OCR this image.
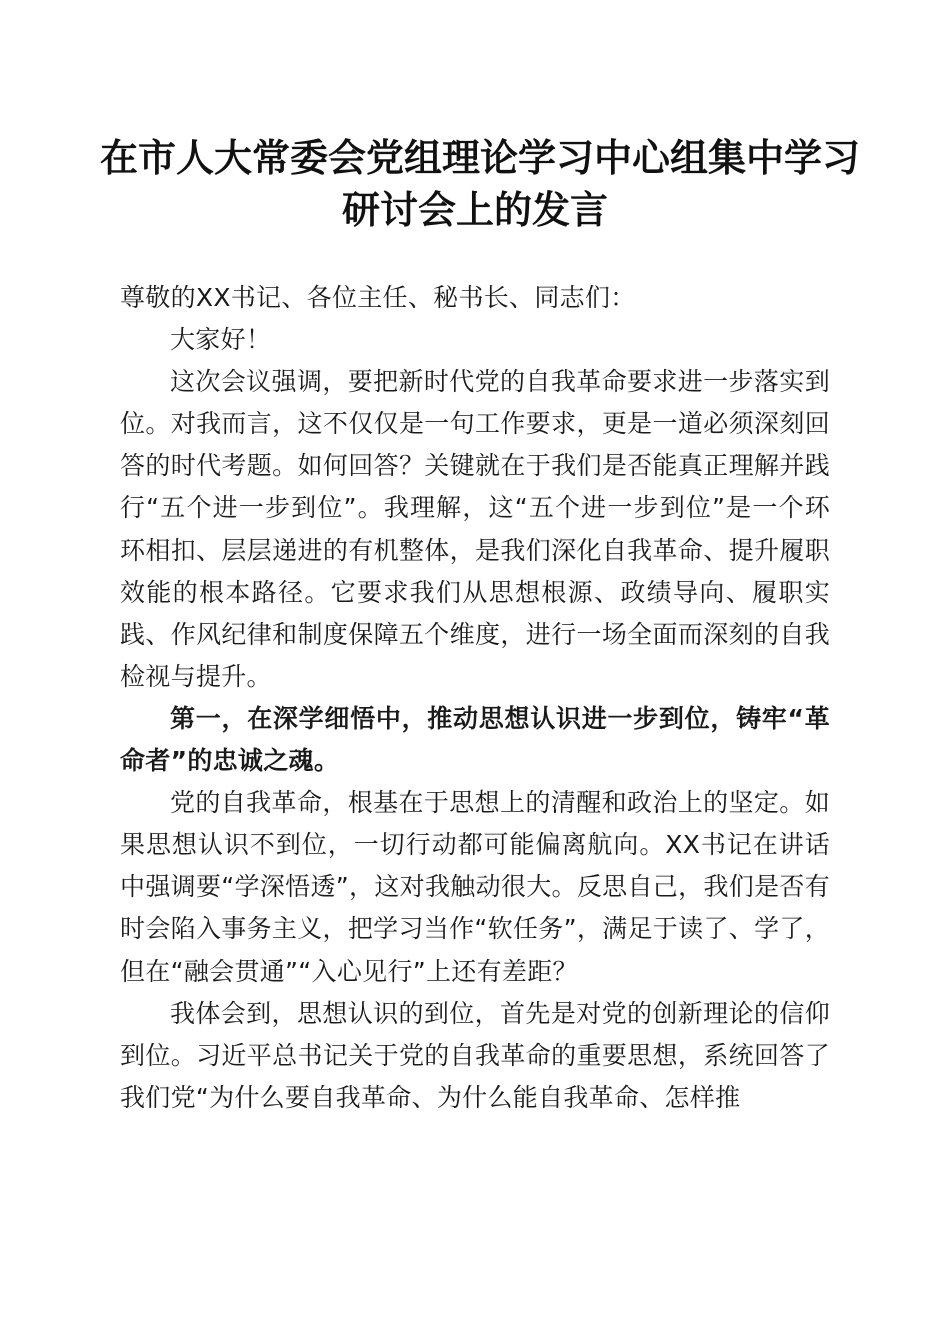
在市人大常委会党组理论学习中心组集中学习
研讨会上的发言

尊敬的XX书记、各位主任、秘书长、同志们：

大家好！

这次会议强调，要把新时代党的自我革命要求进一步落实到位。对我而言，这不仅仅是一句工作要求，更是一道必须深刻回答的时代考题。如何回答？关键就在于我们是否能真正理解并践行“五个进一步到位”。我理解，这“五个进一步到位”是一个环环相扣、层层递进的有机整体，是我们深化自我革命、提升履职效能的根本路径。它要求我们从思想根源、政绩导向、履职实践、作风纪律和制度保障五个维度，进行一场全面而深刻的自我检视与提升。

第一，在深学细悟中，推动思想认识进一步到位，铸牢“革命者”的忠诚之魂。

党的自我革命，根基在于思想上的清醒和政治上的坚定。如果思想认识不到位，一切行动都可能偏离航向。XX书记在讲话中强调要“学深悟透”，这对我触动很大。反思自己，我们是否有时会陷入事务主义，把学习当作“软任务”，满足于读了、学了，但在“融会贯通”“入心见行”上还有差距？

我体会到，思想认识的到位，首先是对党的创新理论的信仰到位。习近平总书记关于党的自我革命的重要思想，系统回答了我们党“为什么要自我革命、为什么能自我革命、怎样推
